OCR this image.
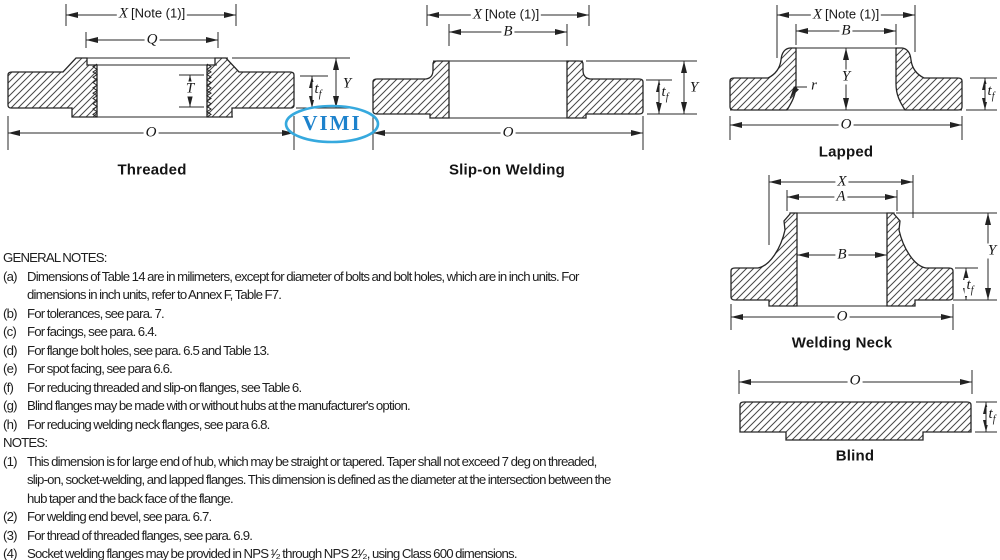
X [Note (1)]
Q
T	$t_f$
Y
O
X [Note (1)]
B
$t_f$
Y
O
X [Note (1)]
B
Y
r	$t_f$
O
X
A
B	Y
$t_f$
O
O
$t_f$
Threaded	Slip-on Welding
Lapped
Welding Neck
Blind
VIMI
GENERAL NOTES:
(a) Dimensions of Table 14 are in milimeters, except for diameter of bolts and bolt holes, which are in inch units. For
dimensions in inch units, refer to Annex F, Table F7.
(b) For tolerances, see para. 7.
(c) For facings, see para. 6.4.
(d) For flange bolt holes, see para. 6.5 and Table 13.
(e) For spot facing, see para 6.6.
(f) For reducing threaded and slip-on flanges, see Table 6.
(g) Blind flanges may be made with or without hubs at the manufacturer's option.
(h) For reducing welding neck flanges, see para 6.8.
NOTES:
(1) This dimension is for large end of hub, which may be straight or tapered. Taper shall not exceed 7 deg on threaded,
slip-on, socket-welding, and lapped flanges. This dimension is defined as the diameter at the intersection between the
hub taper and the back face of the flange.
(2) For welding end bevel, see para. 6.7.
(3) For thread of threaded flanges, see para. 6.9.
(4) Socket welding flanges may be provided in NPS ¹⁄₂ through NPS 2¹⁄₂, using Class 600 dimensions.
